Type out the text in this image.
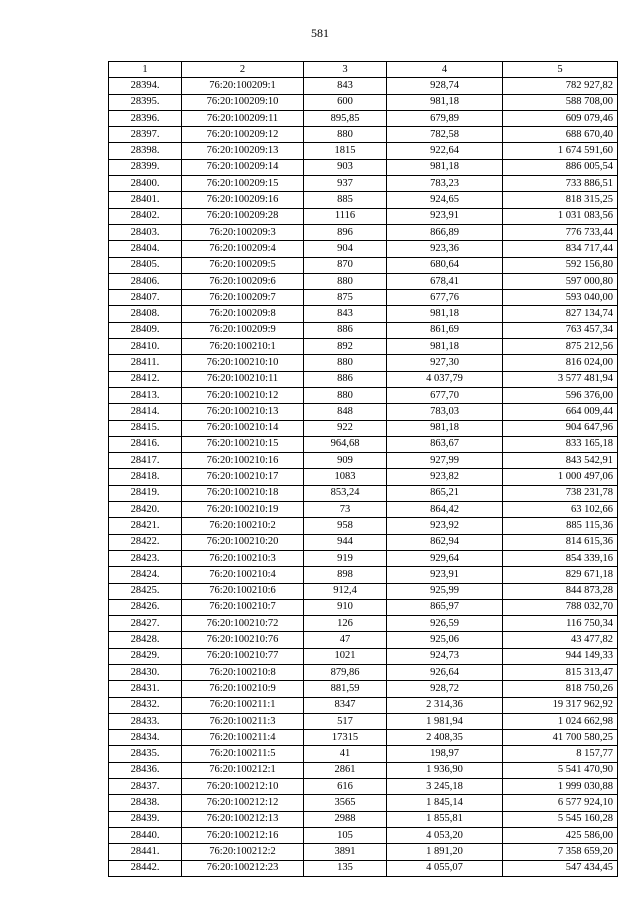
581
1	2	3	4	5
28394.	76:20:100209:1	843	928,74	782 927,82
28395.	76:20:100209:10	600	981,18	588 708,00
28396.	76:20:100209:11	895,85	679,89	609 079,46
28397.	76:20:100209:12	880	782,58	688 670,40
28398.	76:20:100209:13	1815	922,64	1 674 591,60
28399.	76:20:100209:14	903	981,18	886 005,54
28400.	76:20:100209:15	937	783,23	733 886,51
28401.	76:20:100209:16	885	924,65	818 315,25
28402.	76:20:100209:28	1116	923,91	1 031 083,56
28403.	76:20:100209:3	896	866,89	776 733,44
28404.	76:20:100209:4	904	923,36	834 717,44
28405.	76:20:100209:5	870	680,64	592 156,80
28406.	76:20:100209:6	880	678,41	597 000,80
28407.	76:20:100209:7	875	677,76	593 040,00
28408.	76:20:100209:8	843	981,18	827 134,74
28409.	76:20:100209:9	886	861,69	763 457,34
28410.	76:20:100210:1	892	981,18	875 212,56
28411.	76:20:100210:10	880	927,30	816 024,00
28412.	76:20:100210:11	886	4 037,79	3 577 481,94
28413.	76:20:100210:12	880	677,70	596 376,00
28414.	76:20:100210:13	848	783,03	664 009,44
28415.	76:20:100210:14	922	981,18	904 647,96
28416.	76:20:100210:15	964,68	863,67	833 165,18
28417.	76:20:100210:16	909	927,99	843 542,91
28418.	76:20:100210:17	1083	923,82	1 000 497,06
28419.	76:20:100210:18	853,24	865,21	738 231,78
28420.	76:20:100210:19	73	864,42	63 102,66
28421.	76:20:100210:2	958	923,92	885 115,36
28422.	76:20:100210:20	944	862,94	814 615,36
28423.	76:20:100210:3	919	929,64	854 339,16
28424.	76:20:100210:4	898	923,91	829 671,18
28425.	76:20:100210:6	912,4	925,99	844 873,28
28426.	76:20:100210:7	910	865,97	788 032,70
28427.	76:20:100210:72	126	926,59	116 750,34
28428.	76:20:100210:76	47	925,06	43 477,82
28429.	76:20:100210:77	1021	924,73	944 149,33
28430.	76:20:100210:8	879,86	926,64	815 313,47
28431.	76:20:100210:9	881,59	928,72	818 750,26
28432.	76:20:100211:1	8347	2 314,36	19 317 962,92
28433.	76:20:100211:3	517	1 981,94	1 024 662,98
28434.	76:20:100211:4	17315	2 408,35	41 700 580,25
28435.	76:20:100211:5	41	198,97	8 157,77
28436.	76:20:100212:1	2861	1 936,90	5 541 470,90
28437.	76:20:100212:10	616	3 245,18	1 999 030,88
28438.	76:20:100212:12	3565	1 845,14	6 577 924,10
28439.	76:20:100212:13	2988	1 855,81	5 545 160,28
28440.	76:20:100212:16	105	4 053,20	425 586,00
28441.	76:20:100212:2	3891	1 891,20	7 358 659,20
28442.	76:20:100212:23	135	4 055,07	547 434,45
